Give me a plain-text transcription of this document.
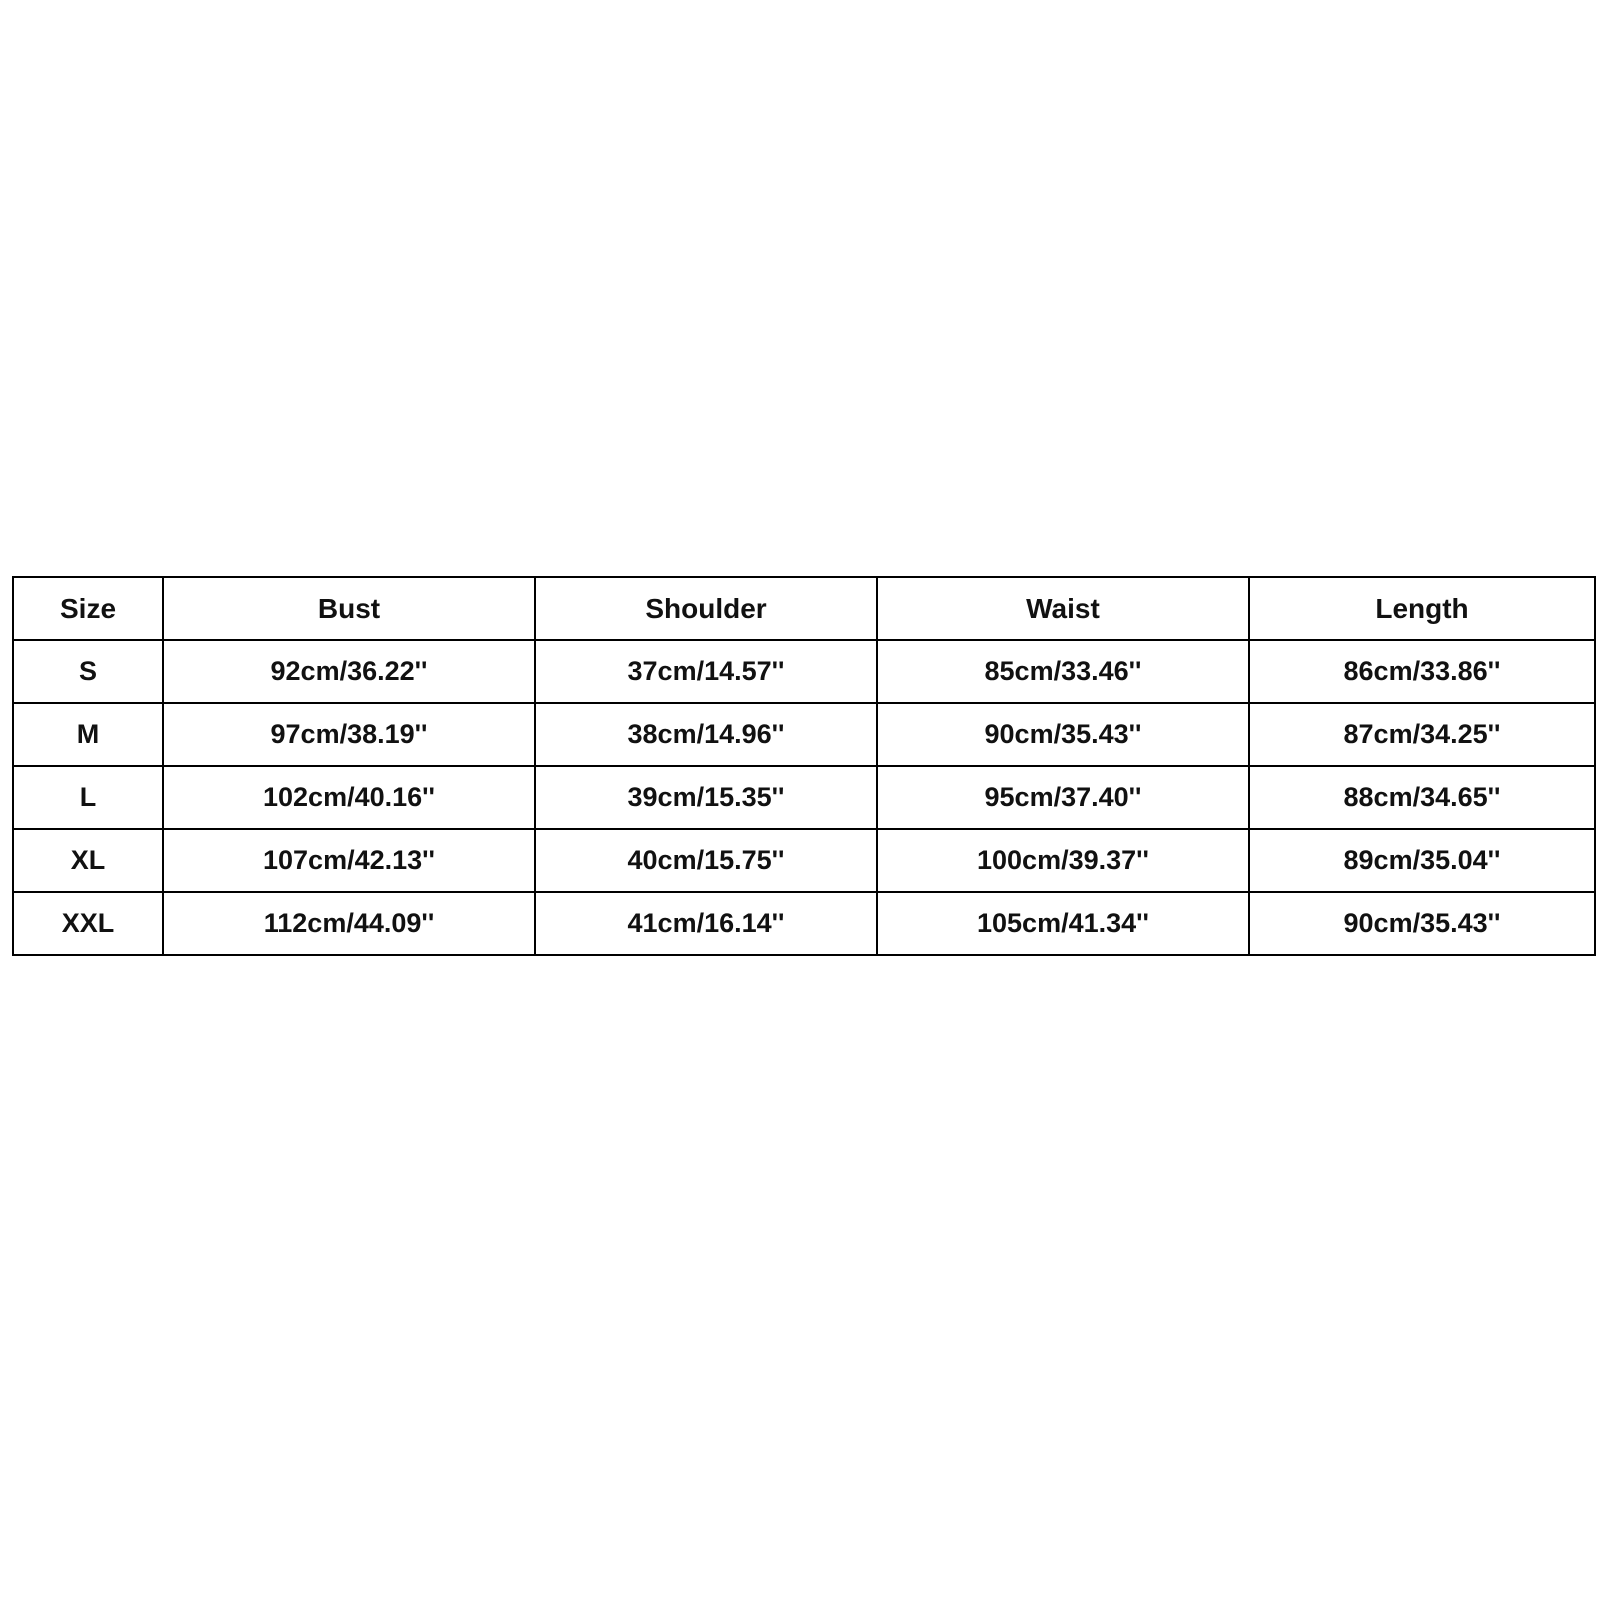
Size	Bust	Shoulder	Waist	Length
S	92cm/36.22''	37cm/14.57''	85cm/33.46''	86cm/33.86''
M	97cm/38.19''	38cm/14.96''	90cm/35.43''	87cm/34.25''
L	102cm/40.16''	39cm/15.35''	95cm/37.40''	88cm/34.65''
XL	107cm/42.13''	40cm/15.75''	100cm/39.37''	89cm/35.04''
XXL	112cm/44.09''	41cm/16.14''	105cm/41.34''	90cm/35.43''
